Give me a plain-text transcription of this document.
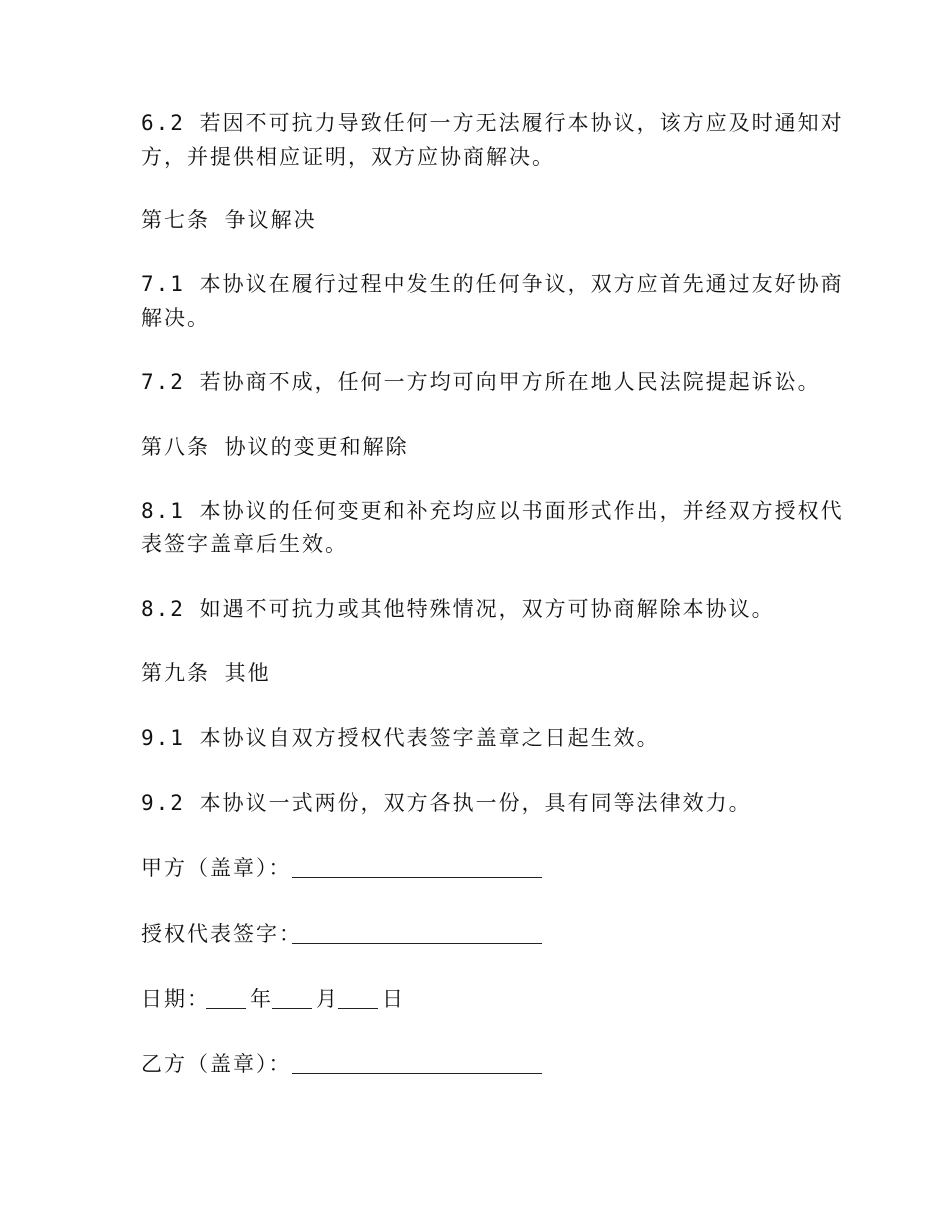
6.2 若因不可抗力导致任何一方无法履行本协议，该方应及时通知对
方，并提供相应证明，双方应协商解决。
第七条 争议解决
7.1 本协议在履行过程中发生的任何争议，双方应首先通过友好协商
解决。
7.2 若协商不成，任何一方均可向甲方所在地人民法院提起诉讼。
第八条 协议的变更和解除
8.1 本协议的任何变更和补充均应以书面形式作出，并经双方授权代
表签字盖章后生效。
8.2 如遇不可抗力或其他特殊情况，双方可协商解除本协议。
第九条 其他
9.1 本协议自双方授权代表签字盖章之日起生效。
9.2 本协议一式两份，双方各执一份，具有同等法律效力。
甲方（盖章）：
授权代表签字：
日期： 年 月 日
乙方（盖章）：
